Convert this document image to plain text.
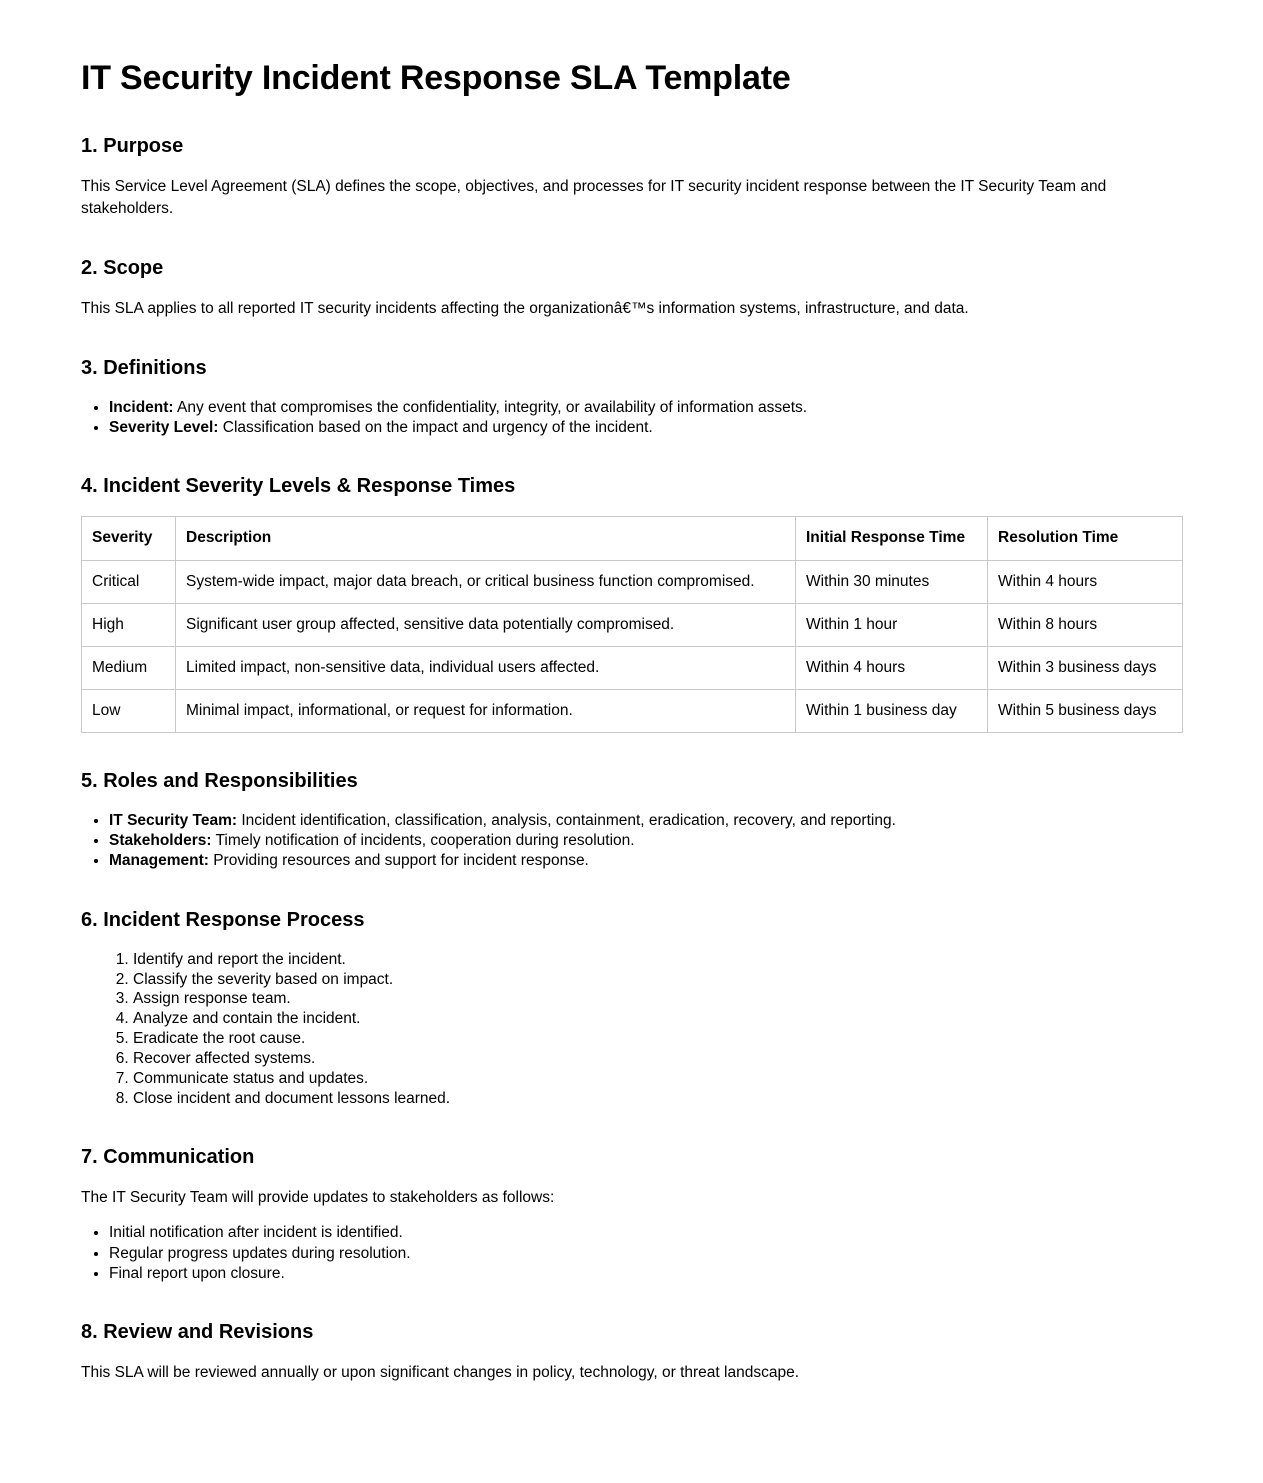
IT Security Incident Response SLA Template
1. Purpose

This Service Level Agreement (SLA) defines the scope, objectives, and processes for IT security incident response between the IT Security Team and stakeholders.

2. Scope

This SLA applies to all reported IT security incidents affecting the organizationâ€™s information systems, infrastructure, and data.

3. Definitions
• Incident: Any event that compromises the confidentiality, integrity, or availability of information assets.
• Severity Level: Classification based on the impact and urgency of the incident.
4. Incident Severity Levels & Response Times
Severity	Description	Initial Response Time	Resolution Time
Critical	System-wide impact, major data breach, or critical business function compromised.	Within 30 minutes	Within 4 hours
High	Significant user group affected, sensitive data potentially compromised.	Within 1 hour	Within 8 hours
Medium	Limited impact, non-sensitive data, individual users affected.	Within 4 hours	Within 3 business days
Low	Minimal impact, informational, or request for information.	Within 1 business day	Within 5 business days
5. Roles and Responsibilities
• IT Security Team: Incident identification, classification, analysis, containment, eradication, recovery, and reporting.
• Stakeholders: Timely notification of incidents, cooperation during resolution.
• Management: Providing resources and support for incident response.
6. Incident Response Process
1. Identify and report the incident.
2. Classify the severity based on impact.
3. Assign response team.
4. Analyze and contain the incident.
5. Eradicate the root cause.
6. Recover affected systems.
7. Communicate status and updates.
8. Close incident and document lessons learned.
7. Communication

The IT Security Team will provide updates to stakeholders as follows:

• Initial notification after incident is identified.
• Regular progress updates during resolution.
• Final report upon closure.
8. Review and Revisions

This SLA will be reviewed annually or upon significant changes in policy, technology, or threat landscape.
